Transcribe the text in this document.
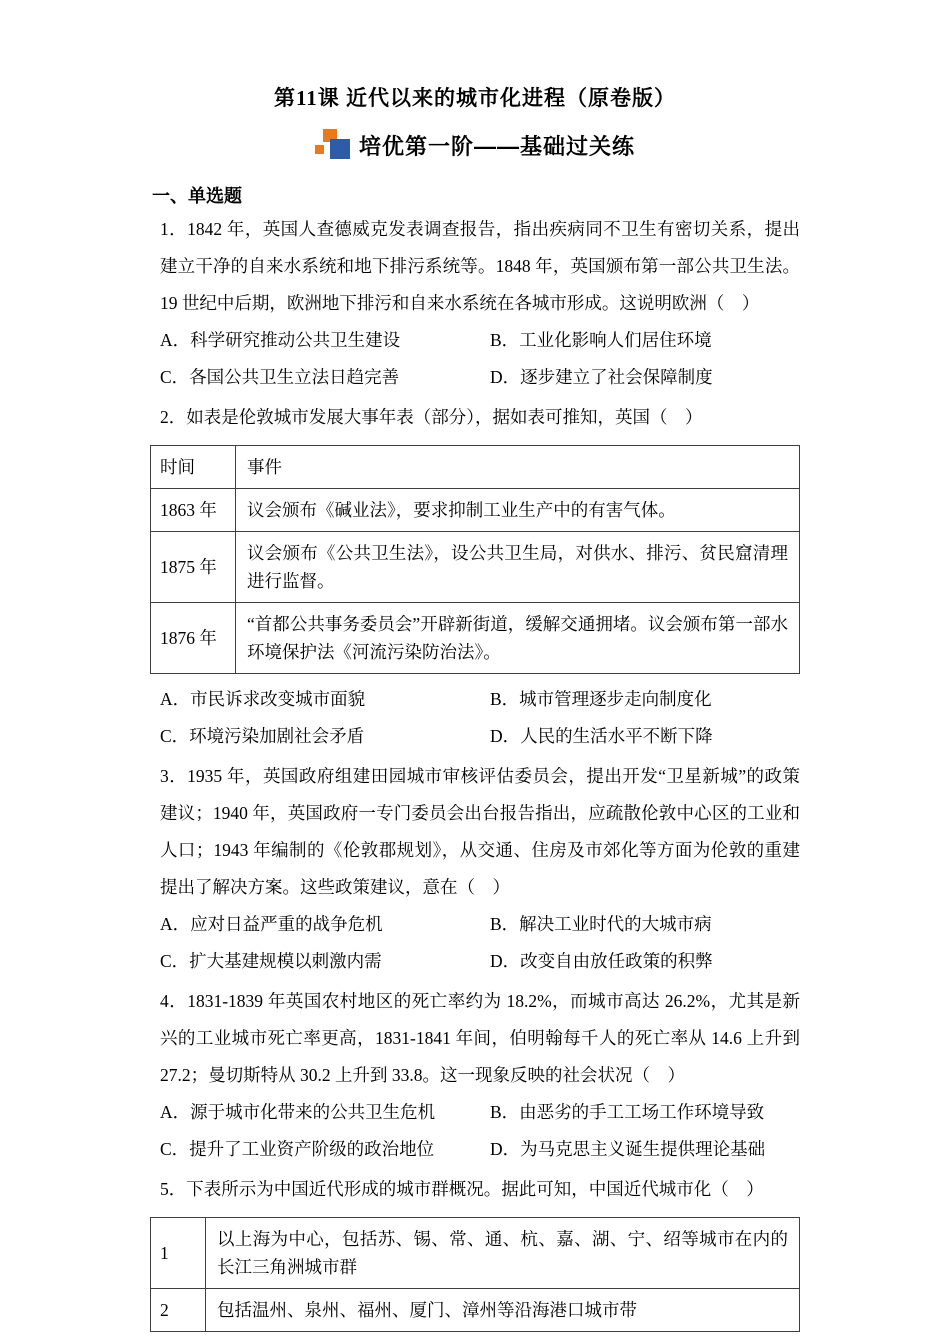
第11课 近代以来的城市化进程（原卷版）
培优第一阶——基础过关练
一、单选题

1．1842 年，英国人查德威克发表调查报告，指出疾病同不卫生有密切关系，提出建立干净的自来水系统和地下排污系统等。1848 年，英国颁布第一部公共卫生法。19 世纪中后期，欧洲地下排污和自来水系统在各城市形成。这说明欧洲（　）

A．科学研究推动公共卫生建设	B．工业化影响人们居住环境
C．各国公共卫生立法日趋完善	D．逐步建立了社会保障制度

2．如表是伦敦城市发展大事年表（部分），据如表可推知，英国（　）

时间	事件
1863 年	议会颁布《碱业法》，要求抑制工业生产中的有害气体。
1875 年	议会颁布《公共卫生法》，设公共卫生局，对供水、排污、贫民窟清理进行监督。
1876 年	“首都公共事务委员会”开辟新街道，缓解交通拥堵。议会颁布第一部水环境保护法《河流污染防治法》。
A．市民诉求改变城市面貌	B．城市管理逐步走向制度化
C．环境污染加剧社会矛盾	D．人民的生活水平不断下降

3．1935 年，英国政府组建田园城市审核评估委员会，提出开发“卫星新城”的政策建议；1940 年，英国政府一专门委员会出台报告指出，应疏散伦敦中心区的工业和人口；1943 年编制的《伦敦郡规划》，从交通、住房及市郊化等方面为伦敦的重建提出了解决方案。这些政策建议，意在（　）

A．应对日益严重的战争危机	B．解决工业时代的大城市病
C．扩大基建规模以刺激内需	D．改变自由放任政策的积弊

4．1831-1839 年英国农村地区的死亡率约为 18.2%，而城市高达 26.2%，尤其是新兴的工业城市死亡率更高，1831-1841 年间，伯明翰每千人的死亡率从 14.6 上升到 27.2；曼切斯特从 30.2 上升到 33.8。这一现象反映的社会状况（　）

A．源于城市化带来的公共卫生危机	B．由恶劣的手工工场工作环境导致
C．提升了工业资产阶级的政治地位	D．为马克思主义诞生提供理论基础

5．下表所示为中国近代形成的城市群概况。据此可知，中国近代城市化（　）

1	以上海为中心，包括苏、锡、常、通、杭、嘉、湖、宁、绍等城市在内的长江三角洲城市群
2	包括温州、泉州、福州、厦门、漳州等沿海港口城市带
